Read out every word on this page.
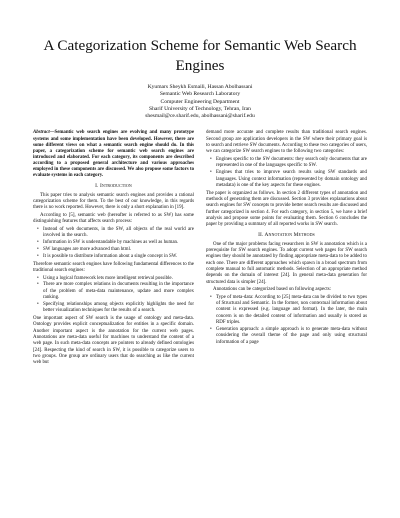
A Categorization Scheme for Semantic Web Search Engines
Kyumars Sheykh Esmaili, Hassan Abolhassani
Semantic Web Research Laboratory
Computer Engineering Department
Sharif University of Technology, Tehran, Iran
shesmail@ce.sharif.edu, abolhassani@sharif.edu

Abstract—Semantic web search engines are evolving and many prototype systems and some implementation have been developed. However, there are some different views on what a semantic search engine should do. In this paper, a categorization scheme for semantic web search engines are introduced and elaborated. For each category, its components are described according to a proposed general architecture and various approaches employed in these components are discussed. We also propose some factors to evaluate systems in each category.

I. Introduction

This paper tries to analysis semantic search engines and provides a rational categorization scheme for them. To the best of our knowledge, in this regards there is no work reported. However, there is only a short explanation in [19].

According to [5], semantic web (hereafter is referred to as SW) has some distinguishing features that affects search process:

• Instead of web documents, in the SW, all objects of the real world are involved in the search.
• Information in SW is understandable by machines as well as human.
• SW languages are more advanced than html.
• It is possible to distribute information about a single concept in SW.

Therefore semantic search engines have following fundamental differences to the traditional search engines:

• Using a logical framework lets more intelligent retrieval possible.
• There are more complex relations in documents resulting in the importance of the problem of meta-data maintenance, update and more complex ranking.
• Specifying relationships among objects explicitly highlights the need for better visualization techniques for the results of a search.

One important aspect of SW search is the usage of ontology and meta-data. Ontology provides explicit conceptualization for entities in a specific domain. Another important aspect is the annotation for the current web pages. Annotations are meta-data useful for machines to understand the content of a web page. In such meta-data concepts are pointers to already defined ontologies [24]. Respecting the kind of search in SW, it is possible to categorize users to two groups. One group are ordinary users that do searching as like the current web but

demand more accurate and complete results than traditional search engines. Second group are application developers in the SW where their primary goal is to search and retrieve SW documents. According to these two categories of users, we can categorize SW search engines to the following two categories:

• Engines specific to the SW documents: they search only documents that are represented in one of the languages specific to SW.
• Engines that tries to improve search results using SW standards and languages. Using context information (represented by domain ontology and metadata) is one of the key aspects for these engines.

The paper is organized as follows. In section 2 different types of annotation and methods of generating them are discussed. Section 3 provides explanations about search engines for SW concepts to provide better search results are discussed and further categorized in section 4. For each category, in section 5, we have a brief analysis and propose some points for evaluating them. Section 6 concludes the paper by providing a summary of all reported works in SW search.

II. Annotation Methods

One of the major problems facing researchers in SW is annotation which is a prerequisite for SW search engines. To adopt current web pages for SW search engines they should be annotated by finding appropriate meta-data to be added to each one. There are different approaches which spawn in a broad spectrum from complete manual to full automatic methods. Selection of an appropriate method depends on the domain of interest [24]. In general meta-data generation for structured data is simpler [24].

Annotations can be categorized based on following aspects:

• Type of meta-data: According to [25] meta-data can be divided to two types of Structural and Semantic. In the former, non contextual information about content is expressed (e.g. language and format). In the later, the main concern is on the detailed content of information and usually is stored as RDF triples.
• Generation approach: a simple approach is to generate meta-data without considering the overall theme of the page and only using structural information of a page
